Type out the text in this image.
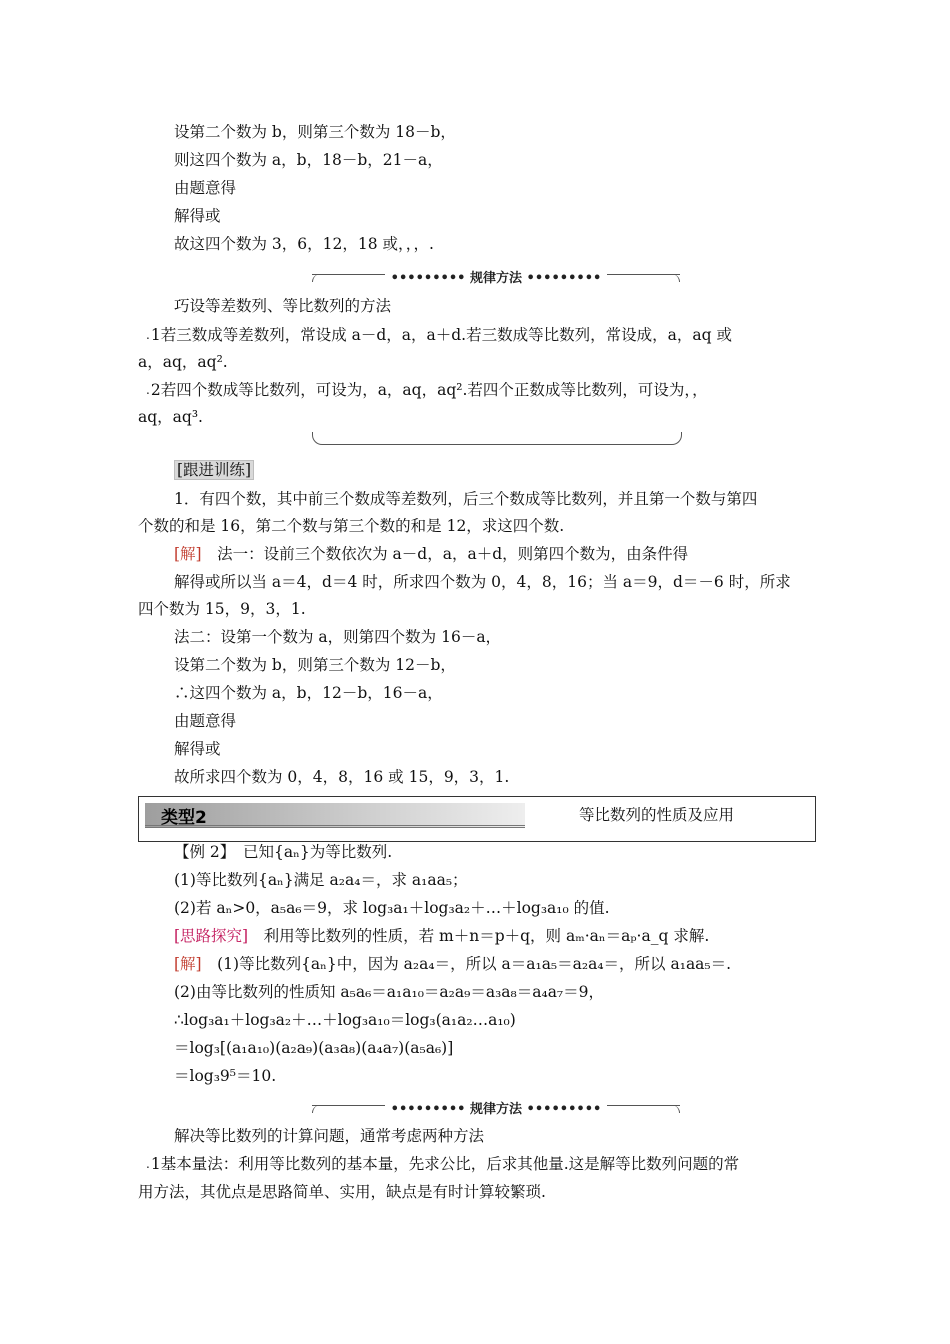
设第二个数为 b，则第三个数为 18－b，
则这四个数为 a，b，18－b，21－a，
由题意得
解得或
故这四个数为 3，6，12，18 或，，，.
••••••••• 规律方法 •••••••••
巧设等差数列、等比数列的方法
.1若三数成等差数列，常设成 a－d，a，a＋d.若三数成等比数列，常设成，a，aq 或
a，aq，aq².
.2若四个数成等比数列，可设为，a，aq，aq².若四个正数成等比数列，可设为，，
aq，aq³.
[跟进训练]
1．有四个数，其中前三个数成等差数列，后三个数成等比数列，并且第一个数与第四
个数的和是 16，第二个数与第三个数的和是 12，求这四个数.
[解]　 法一：设前三个数依次为 a－d，a，a＋d，则第四个数为，由条件得
解得或所以当 a＝4，d＝4 时，所求四个数为 0，4，8，16；当 a＝9，d＝－6 时，所求
四个数为 15，9，3，1.
法二：设第一个数为 a，则第四个数为 16－a，
设第二个数为 b，则第三个数为 12－b，
∴这四个数为 a，b，12－b，16－a，
由题意得
解得或
故所求四个数为 0，4，8，16 或 15，9，3，1.
类型2	等比数列的性质及应用
【例 2】　已知{aₙ}为等比数列.
(1)等比数列{aₙ}满足 a₂a₄＝，求 a₁aa₅；
(2)若 aₙ>0，a₅a₆＝9，求 log₃a₁＋log₃a₂＋…＋log₃a₁₀ 的值.
[思路探究]　利用等比数列的性质，若 m＋n＝p＋q，则 aₘ·aₙ＝aₚ·a_q 求解.
[解]　(1)等比数列{aₙ}中，因为 a₂a₄＝，所以 a＝a₁a₅＝a₂a₄＝，所以 a₁aa₅＝.
(2)由等比数列的性质知 a₅a₆＝a₁a₁₀＝a₂a₉＝a₃a₈＝a₄a₇＝9，
∴log₃a₁＋log₃a₂＋…＋log₃a₁₀＝log₃(a₁a₂…a₁₀)
＝log₃[(a₁a₁₀)(a₂a₉)(a₃a₈)(a₄a₇)(a₅a₆)]
＝log₃9⁵＝10.
••••••••• 规律方法 •••••••••
解决等比数列的计算问题，通常考虑两种方法
.1基本量法：利用等比数列的基本量，先求公比，后求其他量.这是解等比数列问题的常
用方法，其优点是思路简单、实用，缺点是有时计算较繁琐.
